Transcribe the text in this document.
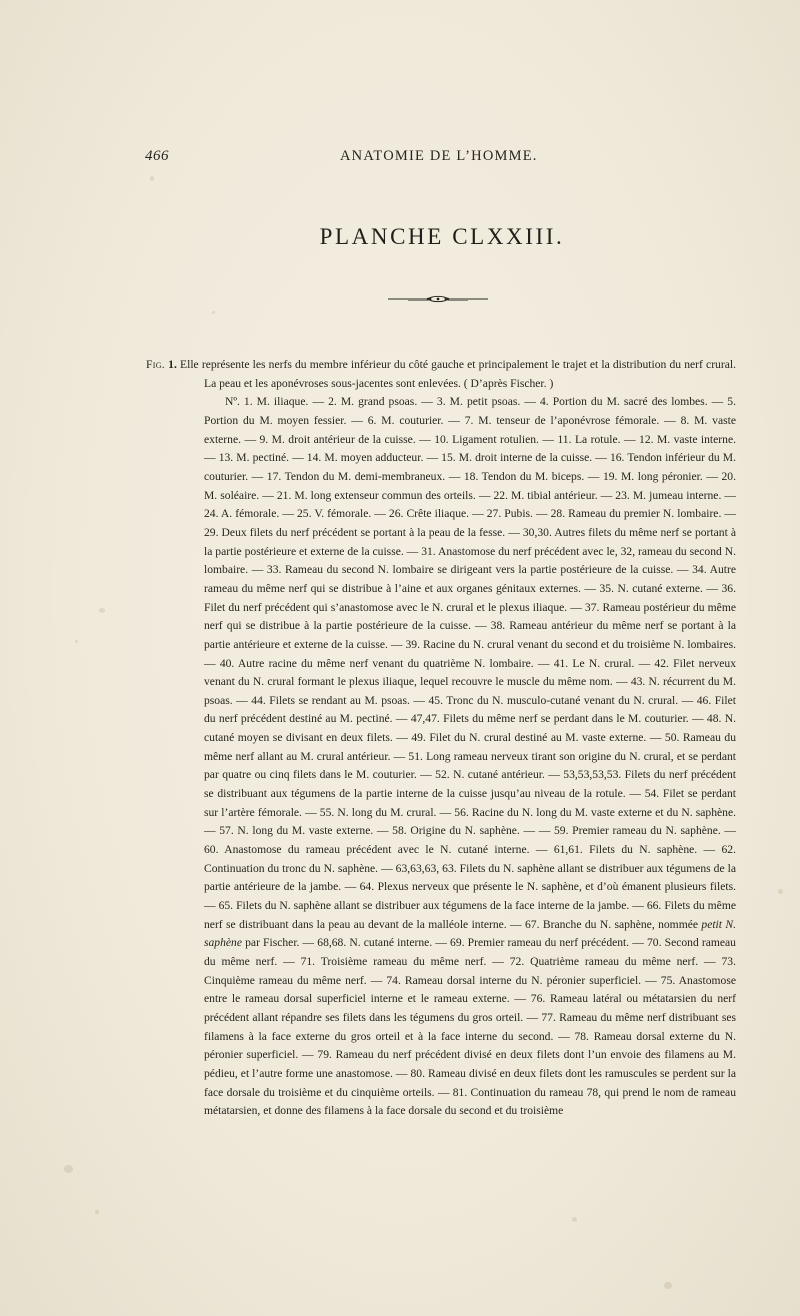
466	ANATOMIE DE L’HOMME.
PLANCHE CLXXIII.

Fig. 1. Elle représente les nerfs du membre inférieur du côté gauche et principalement le trajet et la distribution du nerf crural. La peau et les aponévroses sous-jacentes sont enlevées. ( D’après Fischer. )

Nº. 1. M. iliaque. — 2. M. grand psoas. — 3. M. petit psoas. — 4. Portion du M. sacré des lombes. — 5. Portion du M. moyen fessier. — 6. M. couturier. — 7. M. tenseur de l’aponévrose fémorale. — 8. M. vaste externe. — 9. M. droit antérieur de la cuisse. — 10. Ligament rotulien. — 11. La rotule. — 12. M. vaste interne. — 13. M. pectiné. — 14. M. moyen adducteur. — 15. M. droit interne de la cuisse. — 16. Tendon inférieur du M. couturier. — 17. Tendon du M. demi-membraneux. — 18. Tendon du M. biceps. — 19. M. long péronier. — 20. M. soléaire. — 21. M. long extenseur commun des orteils. — 22. M. tibial antérieur. — 23. M. jumeau interne. — 24. A. fémorale. — 25. V. fémorale. — 26. Crête iliaque. — 27. Pubis. — 28. Rameau du premier N. lombaire. — 29. Deux filets du nerf précédent se portant à la peau de la fesse. — 30,30. Autres filets du même nerf se portant à la partie postérieure et externe de la cuisse. — 31. Anastomose du nerf précédent avec le, 32, rameau du second N. lombaire. — 33. Rameau du second N. lombaire se dirigeant vers la partie postérieure de la cuisse. — 34. Autre rameau du même nerf qui se distribue à l’aine et aux organes génitaux externes. — 35. N. cutané externe. — 36. Filet du nerf précédent qui s’anastomose avec le N. crural et le plexus iliaque. — 37. Rameau postérieur du même nerf qui se distribue à la partie postérieure de la cuisse. — 38. Rameau antérieur du même nerf se portant à la partie antérieure et externe de la cuisse. — 39. Racine du N. crural venant du second et du troisième N. lombaires. — 40. Autre racine du même nerf venant du quatrième N. lombaire. — 41. Le N. crural. — 42. Filet nerveux venant du N. crural formant le plexus iliaque, lequel recouvre le muscle du même nom. — 43. N. récurrent du M. psoas. — 44. Filets se rendant au M. psoas. — 45. Tronc du N. musculo-cutané venant du N. crural. — 46. Filet du nerf précédent destiné au M. pectiné. — 47,47. Filets du même nerf se perdant dans le M. couturier. — 48. N. cutané moyen se divisant en deux filets. — 49. Filet du N. crural destiné au M. vaste externe. — 50. Rameau du même nerf allant au M. crural antérieur. — 51. Long rameau nerveux tirant son origine du N. crural, et se perdant par quatre ou cinq filets dans le M. couturier. — 52. N. cutané antérieur. — 53,53,53,53. Filets du nerf précédent se distribuant aux tégumens de la partie interne de la cuisse jusqu’au niveau de la rotule. — 54. Filet se perdant sur l’artère fémorale. — 55. N. long du M. crural. — 56. Racine du N. long du M. vaste externe et du N. saphène. — 57. N. long du M. vaste externe. — 58. Origine du N. saphène. — — 59. Premier rameau du N. saphène. — 60. Anastomose du rameau précédent avec le N. cutané interne. — 61,61. Filets du N. saphène. — 62. Continuation du tronc du N. saphène. — 63,63,63, 63. Filets du N. saphène allant se distribuer aux tégumens de la partie antérieure de la jambe. — 64. Plexus nerveux que présente le N. saphène, et d’où émanent plusieurs filets. — 65. Filets du N. saphène allant se distribuer aux tégumens de la face interne de la jambe. — 66. Filets du même nerf se distribuant dans la peau au devant de la malléole interne. — 67. Branche du N. saphène, nommée petit N. saphène par Fischer. — 68,68. N. cutané interne. — 69. Premier rameau du nerf précédent. — 70. Second rameau du même nerf. — 71. Troisième rameau du même nerf. — 72. Quatrième rameau du même nerf. — 73. Cinquième rameau du même nerf. — 74. Rameau dorsal interne du N. péronier superficiel. — 75. Anastomose entre le rameau dorsal superficiel interne et le rameau externe. — 76. Rameau latéral ou métatarsien du nerf précédent allant répandre ses filets dans les tégumens du gros orteil. — 77. Rameau du même nerf distribuant ses filamens à la face externe du gros orteil et à la face interne du second. — 78. Rameau dorsal externe du N. péronier superficiel. — 79. Rameau du nerf précédent divisé en deux filets dont l’un envoie des filamens au M. pédieu, et l’autre forme une anastomose. — 80. Rameau divisé en deux filets dont les ramuscules se perdent sur la face dorsale du troisième et du cinquième orteils. — 81. Continuation du rameau 78, qui prend le nom de rameau métatarsien, et donne des filamens à la face dorsale du second et du troisième
